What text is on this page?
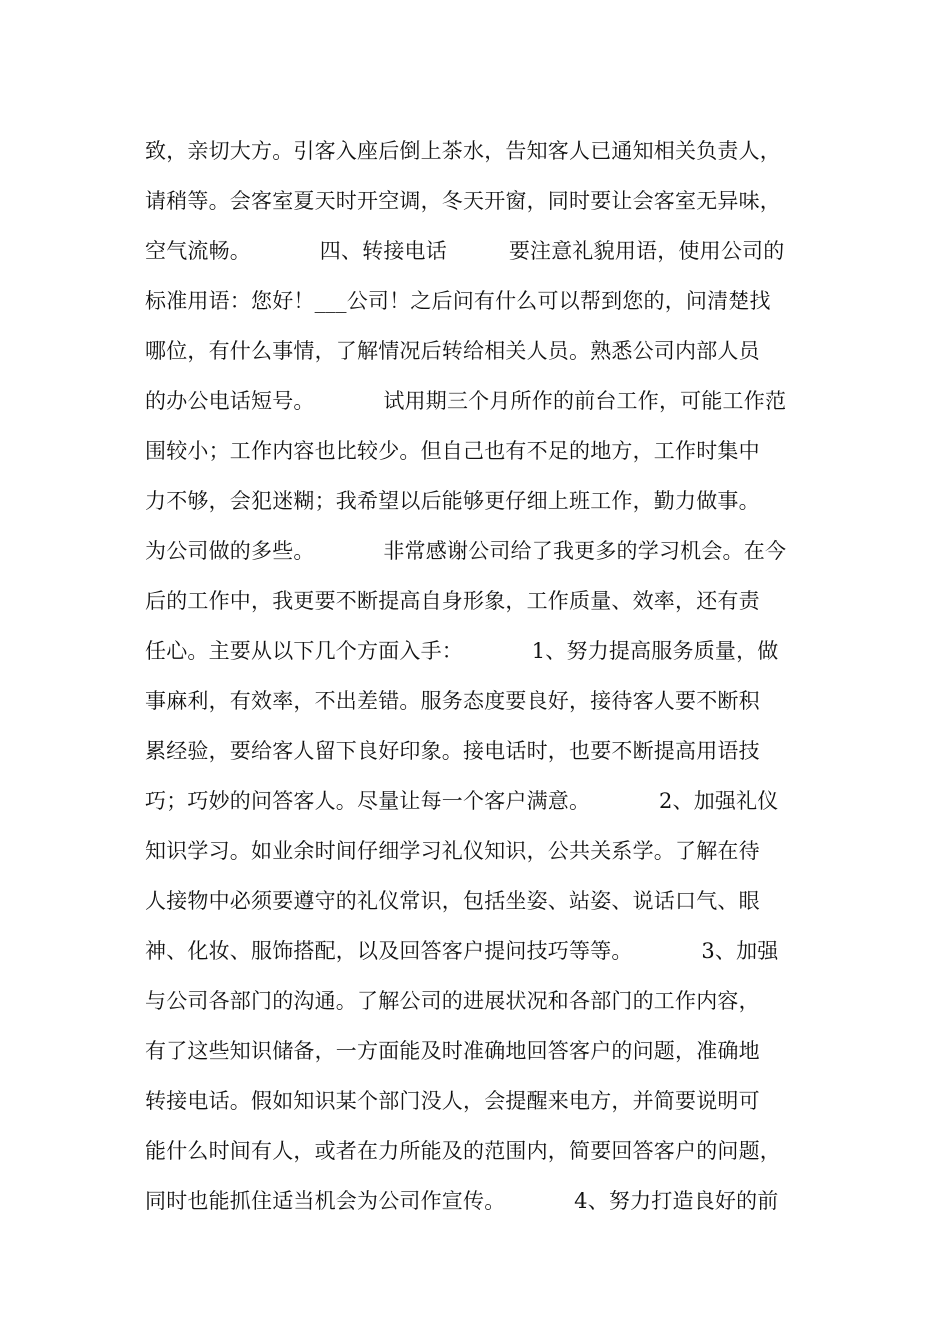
致，亲切大方。引客入座后倒上茶水，告知客人已通知相关负责人，
请稍等。会客室夏天时开空调，冬天开窗，同时要让会客室无异味，
空气流畅。          四、转接电话         要注意礼貌用语，使用公司的
标准用语：您好！___公司！之后问有什么可以帮到您的，问清楚找
哪位，有什么事情，了解情况后转给相关人员。熟悉公司内部人员
的办公电话短号。          试用期三个月所作的前台工作，可能工作范
围较小；工作内容也比较少。但自己也有不足的地方，工作时集中
力不够，会犯迷糊；我希望以后能够更仔细上班工作，勤力做事。
为公司做的多些。          非常感谢公司给了我更多的学习机会。在今
后的工作中，我更要不断提高自身形象，工作质量、效率，还有责
任心。主要从以下几个方面入手：          1、努力提高服务质量，做
事麻利，有效率，不出差错。服务态度要良好，接待客人要不断积
累经验，要给客人留下良好印象。接电话时，也要不断提高用语技
巧；巧妙的问答客人。尽量让每一个客户满意。          2、加强礼仪
知识学习。如业余时间仔细学习礼仪知识，公共关系学。了解在待
人接物中必须要遵守的礼仪常识，包括坐姿、站姿、说话口气、眼
神、化妆、服饰搭配，以及回答客户提问技巧等等。          3、加强
与公司各部门的沟通。了解公司的进展状况和各部门的工作内容，
有了这些知识储备，一方面能及时准确地回答客户的问题，准确地
转接电话。假如知识某个部门没人，会提醒来电方，并简要说明可
能什么时间有人，或者在力所能及的范围内，简要回答客户的问题，
同时也能抓住适当机会为公司作宣传。          4、努力打造良好的前
